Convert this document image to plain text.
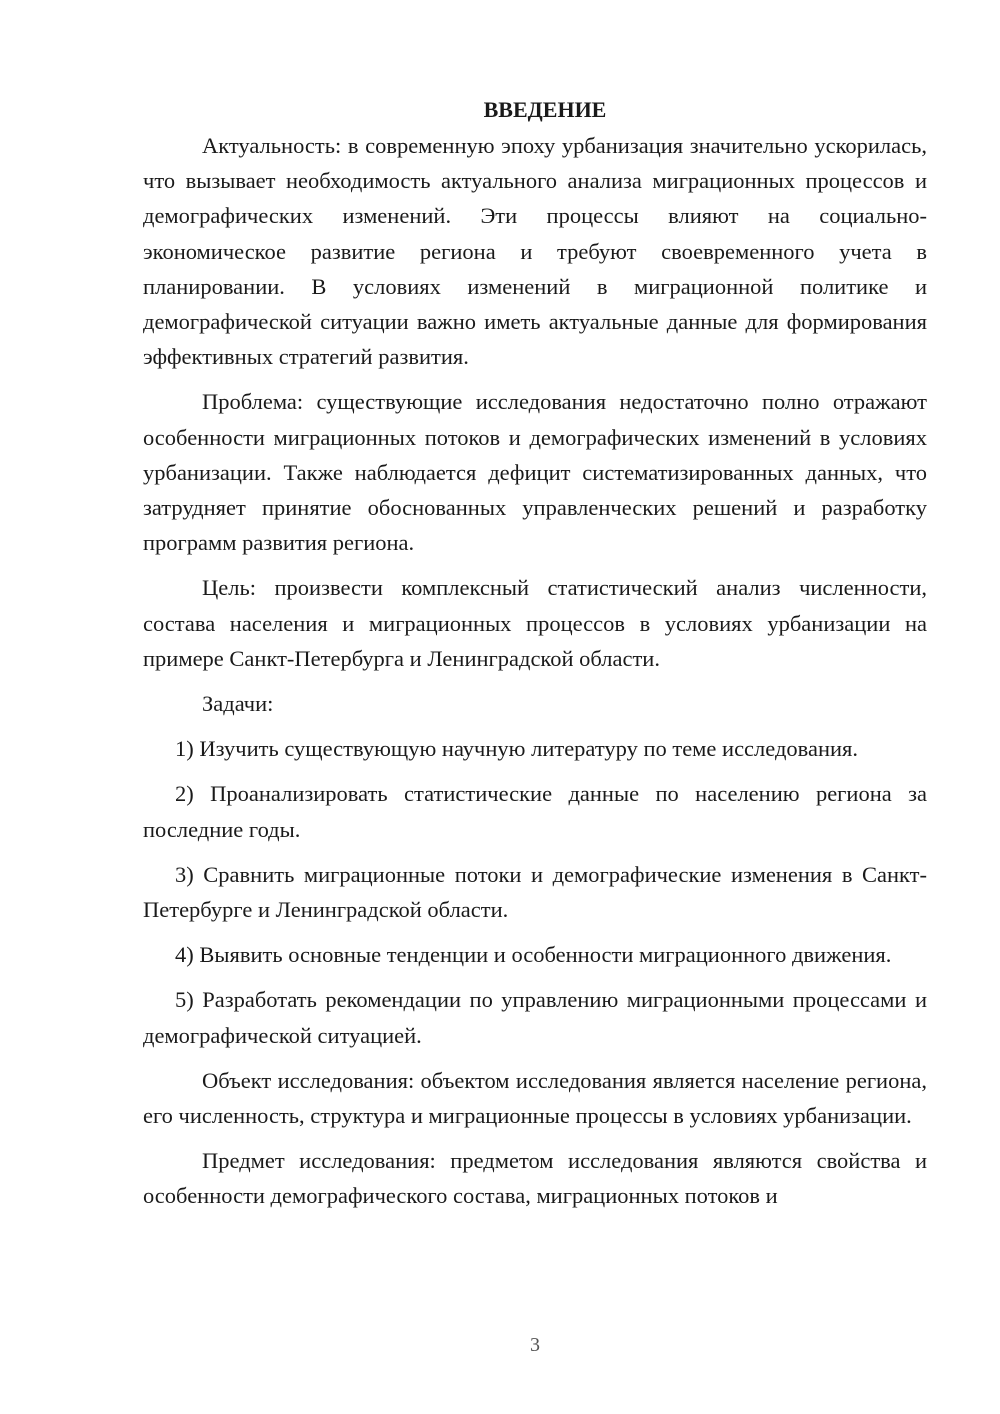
ВВЕДЕНИЕ

Актуальность: в современную эпоху урбанизация значительно ускорилась, что вызывает необходимость актуального анализа миграционных процессов и демографических изменений. Эти процессы влияют на социально-экономическое развитие региона и требуют своевременного учета в планировании. В условиях изменений в миграционной политике и демографической ситуации важно иметь актуальные данные для формирования эффективных стратегий развития.

Проблема: существующие исследования недостаточно полно отражают особенности миграционных потоков и демографических изменений в условиях урбанизации. Также наблюдается дефицит систематизированных данных, что затрудняет принятие обоснованных управленческих решений и разработку программ развития региона.

Цель: произвести комплексный статистический анализ численности, состава населения и миграционных процессов в условиях урбанизации на примере Санкт-Петербурга и Ленинградской области.

Задачи:

1) Изучить существующую научную литературу по теме исследования.

2) Проанализировать статистические данные по населению региона за последние годы.

3) Сравнить миграционные потоки и демографические изменения в Санкт-Петербурге и Ленинградской области.

4) Выявить основные тенденции и особенности миграционного движения.

5) Разработать рекомендации по управлению миграционными процессами и демографической ситуацией.

Объект исследования: объектом исследования является население региона, его численность, структура и миграционные процессы в условиях урбанизации.

Предмет исследования: предметом исследования являются свойства и особенности демографического состава, миграционных потоков и

3
